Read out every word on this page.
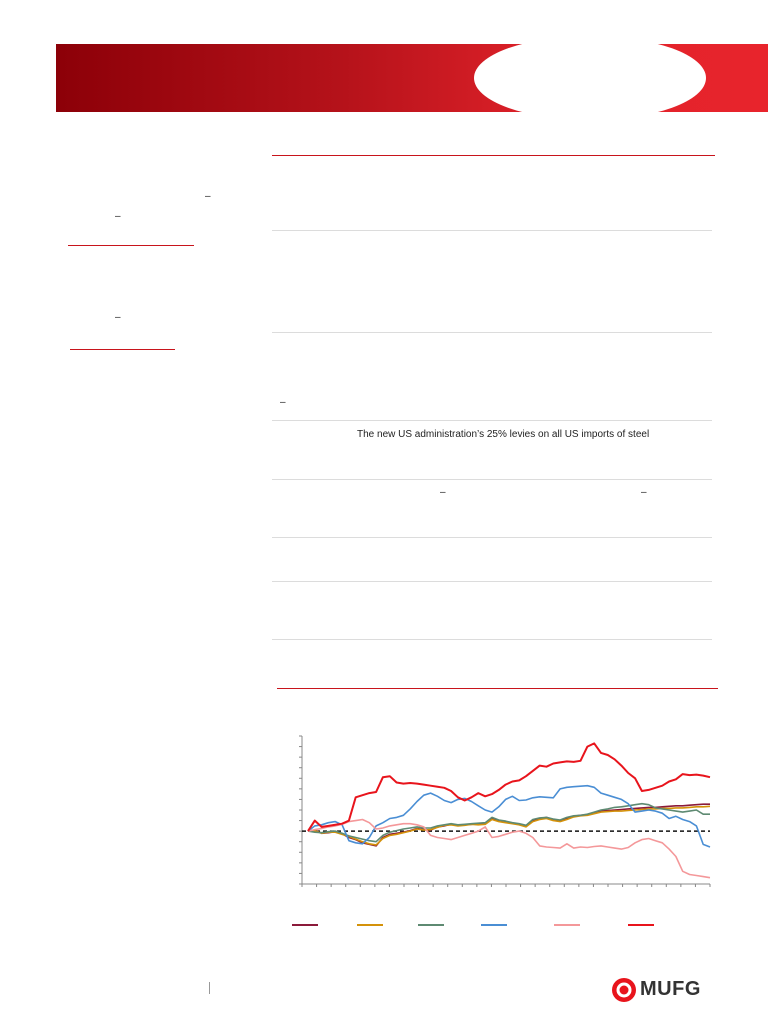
–
–
–
–
The new US administration’s 25% levies on all US imports of steel
–	–
MUFG
